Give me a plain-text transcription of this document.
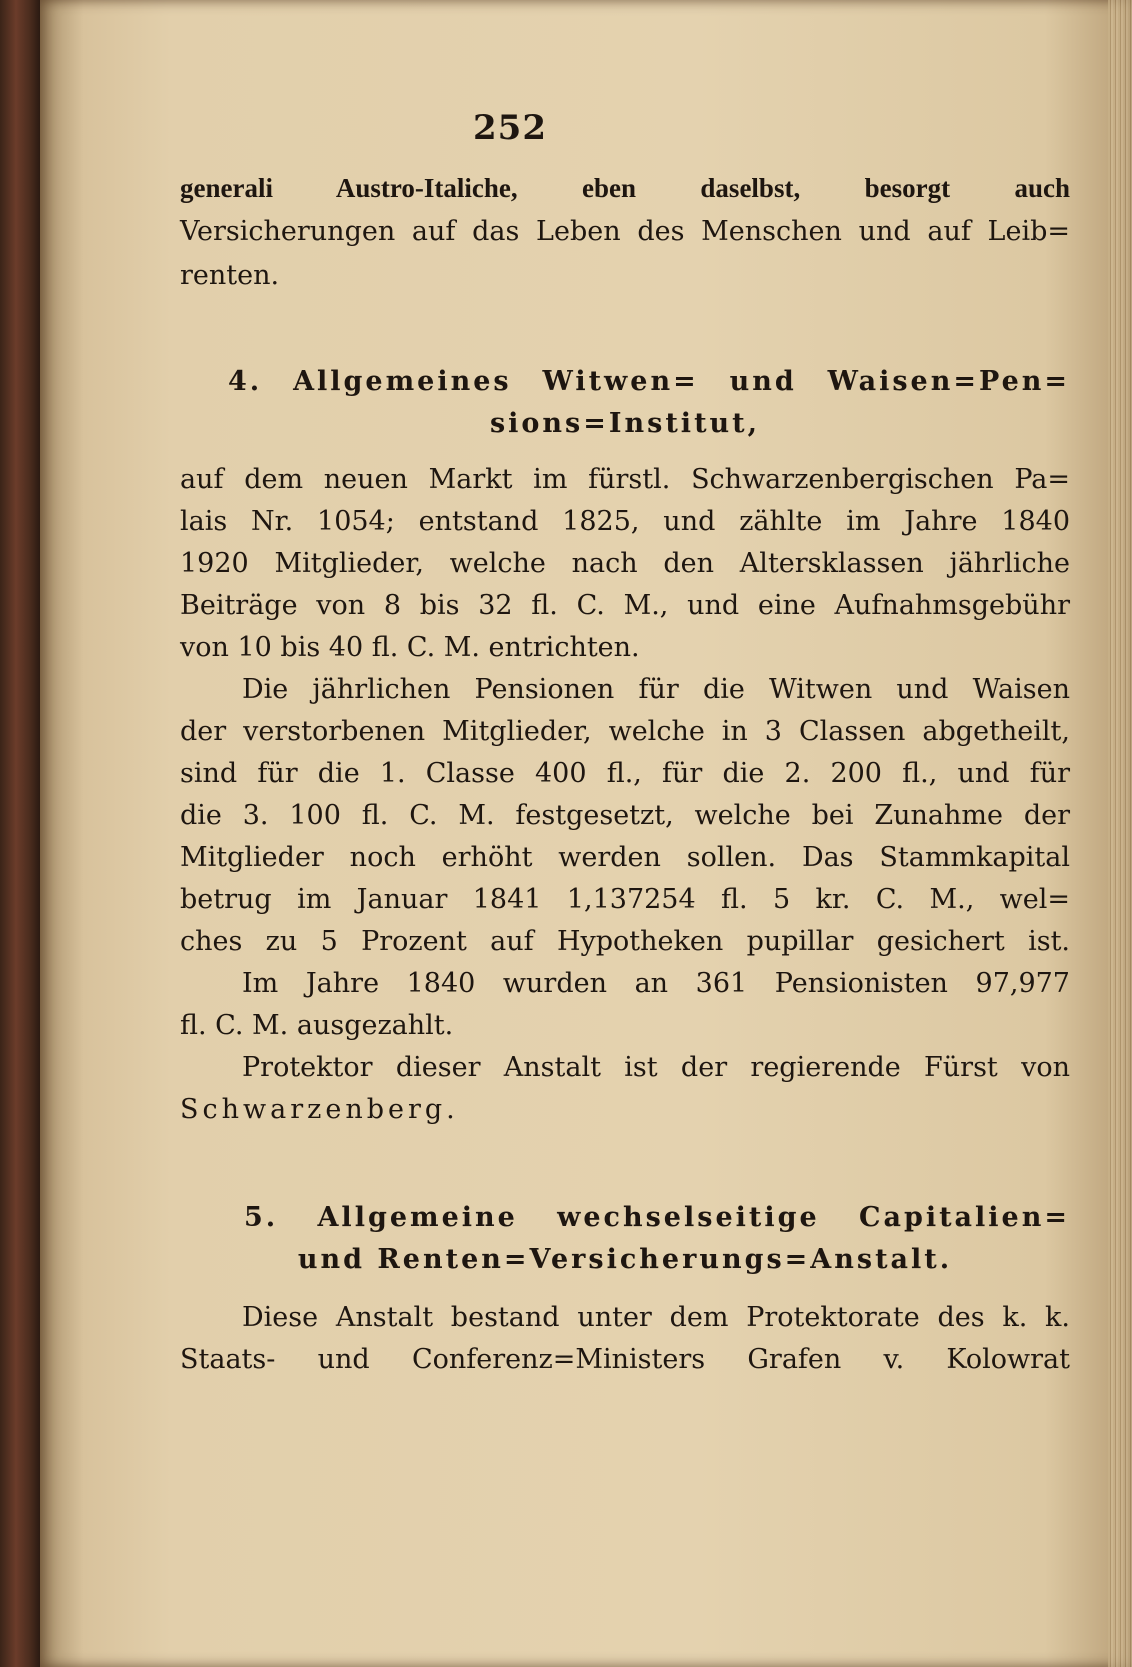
252
generali Austro-Italiche, eben daselbst, besorgt auch
Versicherungen auf das Leben des Menschen und auf Leib=
renten.
4. Allgemeines Witwen= und Waisen=Pen=
sions=Institut,
auf dem neuen Markt im fürstl. Schwarzenbergischen Pa=
lais Nr. 1054; entstand 1825, und zählte im Jahre 1840
1920 Mitglieder, welche nach den Altersklassen jährliche
Beiträge von 8 bis 32 fl. C. M., und eine Aufnahmsgebühr
von 10 bis 40 fl. C. M. entrichten.
Die jährlichen Pensionen für die Witwen und Waisen
der verstorbenen Mitglieder, welche in 3 Classen abgetheilt,
sind für die 1. Classe 400 fl., für die 2. 200 fl., und für
die 3. 100 fl. C. M. festgesetzt, welche bei Zunahme der
Mitglieder noch erhöht werden sollen. Das Stammkapital
betrug im Januar 1841 1,137254 fl. 5 kr. C. M., wel=
ches zu 5 Prozent auf Hypotheken pupillar gesichert ist.
Im Jahre 1840 wurden an 361 Pensionisten 97,977
fl. C. M. ausgezahlt.
Protektor dieser Anstalt ist der regierende Fürst von
Schwarzenberg.
5. Allgemeine wechselseitige Capitalien=
und Renten=Versicherungs=Anstalt.
Diese Anstalt bestand unter dem Protektorate des k. k.
Staats- und Conferenz=Ministers Grafen v. Kolowrat
